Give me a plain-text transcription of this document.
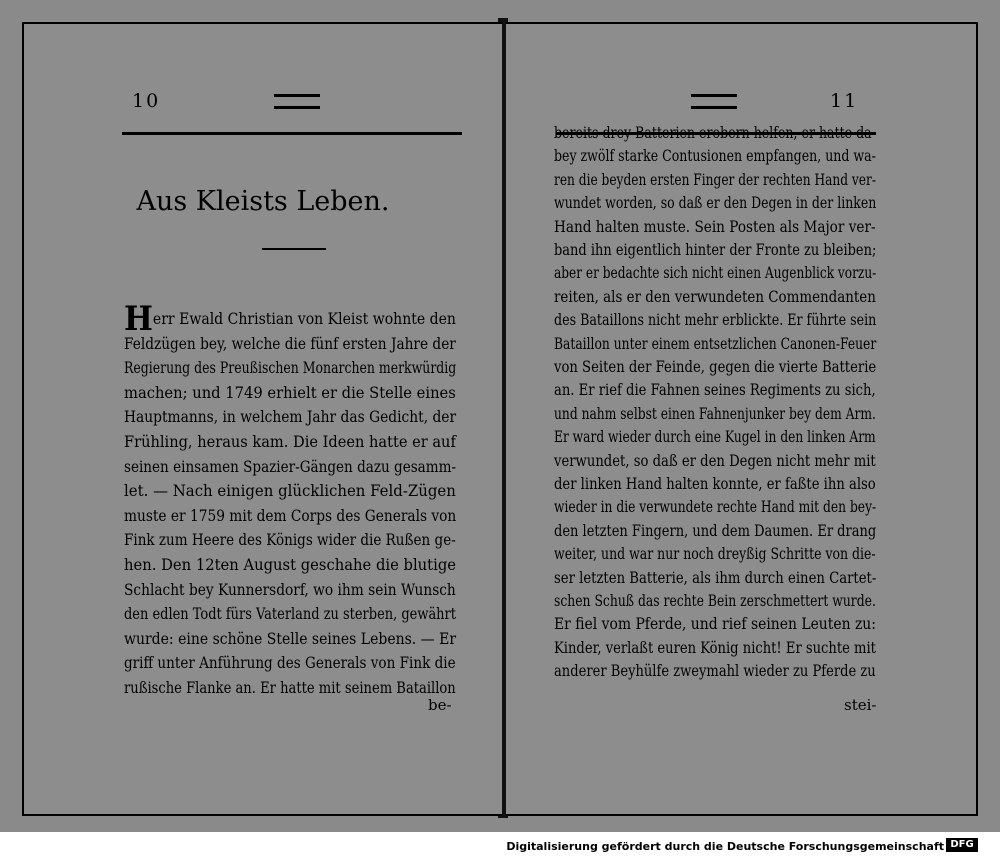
10
Aus Kleists Leben.
Herr Ewald Christian von Kleist wohnte den
Feldzügen bey, welche die fünf ersten Jahre der
Regierung des Preußischen Monarchen merkwürdig
machen; und 1749 erhielt er die Stelle eines
Hauptmanns, in welchem Jahr das Gedicht, der
Frühling, heraus kam. Die Ideen hatte er auf
seinen einsamen Spazier-Gängen dazu gesamm-
let. — Nach einigen glücklichen Feld-Zügen
muste er 1759 mit dem Corps des Generals von
Fink zum Heere des Königs wider die Rußen ge-
hen. Den 12ten August geschahe die blutige
Schlacht bey Kunnersdorf, wo ihm sein Wunsch
den edlen Todt fürs Vaterland zu sterben, gewährt
wurde: eine schöne Stelle seines Lebens. — Er
griff unter Anführung des Generals von Fink die
rußische Flanke an. Er hatte mit seinem Bataillon
be-
11
bereits drey Batterien erobern helfen, er hatte da-
bey zwölf starke Contusionen empfangen, und wa-
ren die beyden ersten Finger der rechten Hand ver-
wundet worden, so daß er den Degen in der linken
Hand halten muste. Sein Posten als Major ver-
band ihn eigentlich hinter der Fronte zu bleiben;
aber er bedachte sich nicht einen Augenblick vorzu-
reiten, als er den verwundeten Commendanten
des Bataillons nicht mehr erblickte. Er führte sein
Bataillon unter einem entsetzlichen Canonen-Feuer
von Seiten der Feinde, gegen die vierte Batterie
an. Er rief die Fahnen seines Regiments zu sich,
und nahm selbst einen Fahnenjunker bey dem Arm.
Er ward wieder durch eine Kugel in den linken Arm
verwundet, so daß er den Degen nicht mehr mit
der linken Hand halten konnte, er faßte ihn also
wieder in die verwundete rechte Hand mit den bey-
den letzten Fingern, und dem Daumen. Er drang
weiter, und war nur noch dreyßig Schritte von die-
ser letzten Batterie, als ihm durch einen Cartet-
schen Schuß das rechte Bein zerschmettert wurde.
Er fiel vom Pferde, und rief seinen Leuten zu:
Kinder, verlaßt euren König nicht! Er suchte mit
anderer Beyhülfe zweymahl wieder zu Pferde zu
stei-
Digitalisierung gefördert durch die Deutsche Forschungsgemeinschaft DFG
